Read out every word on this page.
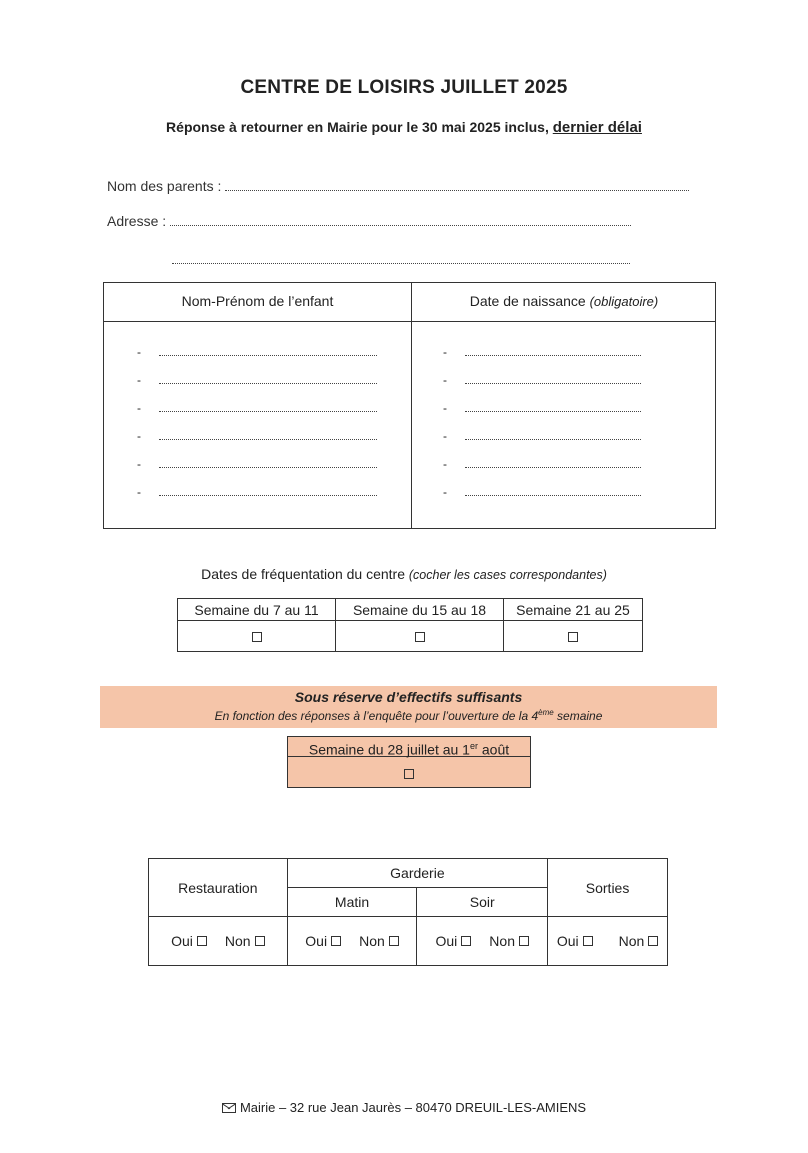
CENTRE DE LOISIRS JUILLET 2025
Réponse à retourner en Mairie pour le 30 mai 2025 inclus, dernier délai
Nom des parents :
Adresse :
Nom-Prénom de l’enfant	Date de naissance (obligatoire)
-	-
-	-
-	-
-	-
-	-
-	-
Dates de fréquentation du centre (cocher les cases correspondantes)
Semaine du 7 au 11	Semaine du 15 au 18	Semaine 21 au 25

Sous réserve d’effectifs suffisants
En fonction des réponses à l’enquête pour l’ouverture de la 4ème semaine
Semaine du 28 juillet au 1er août
Restauration	Garderie		Sorties
	Matin	Soir	

Oui Non	Oui Non	Oui Non	Oui Non
Mairie – 32 rue Jean Jaurès – 80470 DREUIL-LES-AMIENS
